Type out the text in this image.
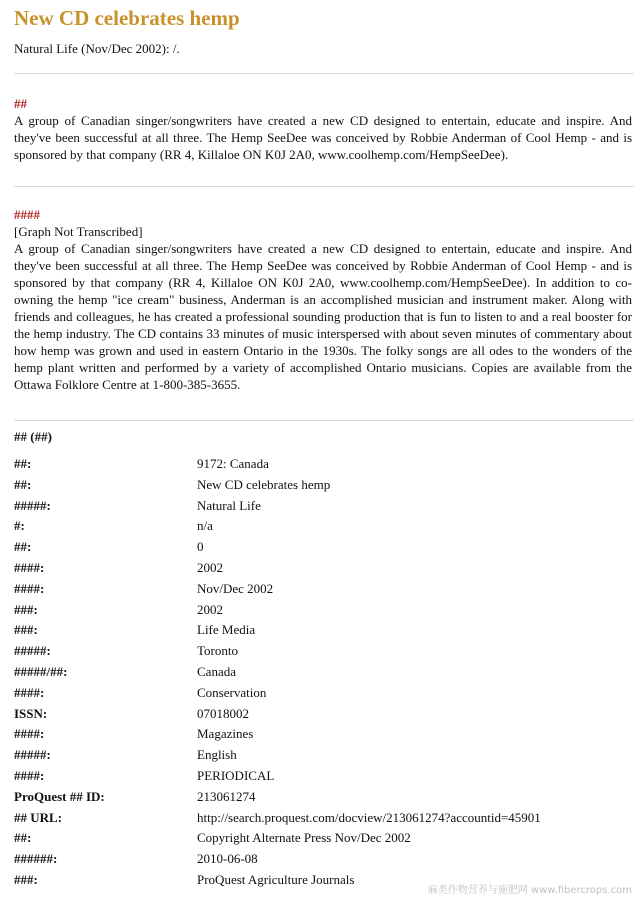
New CD celebrates hemp
Natural Life (Nov/Dec 2002): /.
##

A group of Canadian singer/songwriters have created a new CD designed to entertain, educate and inspire. And they've been successful at all three. The Hemp SeeDee was conceived by Robbie Anderman of Cool Hemp - and is sponsored by that company (RR 4, Killaloe ON K0J 2A0, www.coolhemp.com/HempSeeDee).

####
[Graph Not Transcribed]

A group of Canadian singer/songwriters have created a new CD designed to entertain, educate and inspire. And they've been successful at all three. The Hemp SeeDee was conceived by Robbie Anderman of Cool Hemp - and is sponsored by that company (RR 4, Killaloe ON K0J 2A0, www.coolhemp.com/HempSeeDee). In addition to co-owning the hemp "ice cream" business, Anderman is an accomplished musician and instrument maker. Along with friends and colleagues, he has created a professional sounding production that is fun to listen to and a real booster for the hemp industry. The CD contains 33 minutes of music interspersed with about seven minutes of commentary about how hemp was grown and used in eastern Ontario in the 1930s. The folky songs are all odes to the wonders of the hemp plant written and performed by a variety of accomplished Ontario musicians. Copies are available from the Ottawa Folklore Centre at 1-800-385-3655.

## (##)
##:	9172: Canada
##:	New CD celebrates hemp
#####:	Natural Life
#:	n/a
##:	0
####:	2002
####:	Nov/Dec 2002
###:	2002
###:	Life Media
#####:	Toronto
#####/##:	Canada
####:	Conservation
ISSN:	07018002
####:	Magazines
#####:	English
####:	PERIODICAL
ProQuest ## ID:	213061274
## URL:	http://search.proquest.com/docview/213061274?accountid=45901
##:	Copyright Alternate Press Nov/Dec 2002
######:	2010-06-08
###:	ProQuest Agriculture Journals
麻类作物营养与施肥网 www.fibercrops.com
